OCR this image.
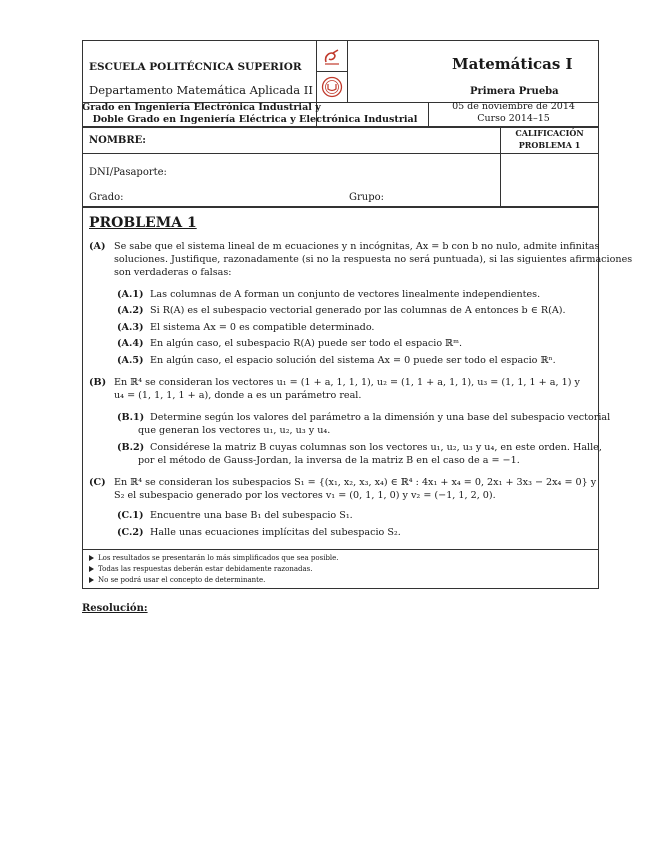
ESCUELA POLITÉCNICA SUPERIOR
Departamento Matemática Aplicada II
Matemáticas I
Primera Prueba
Grado en Ingeniería Electrónica Industrial y
Doble Grado en Ingeniería Eléctrica y Electrónica Industrial
05 de noviembre de 2014
Curso 2014–15
NOMBRE:
DNI/Pasaporte:
Grado:	Grupo:
CALIFICACIÓN
PROBLEMA 1
PROBLEMA 1
(A) Se sabe que el sistema lineal de m ecuaciones y n incógnitas, Ax = b con b no nulo, admite infinitas
soluciones. Justifique, razonadamente (si no la respuesta no será puntuada), si las siguientes afirmaciones
son verdaderas o falsas:
(A.1) Las columnas de A forman un conjunto de vectores linealmente independientes.
(A.2) Si R(A) es el subespacio vectorial generado por las columnas de A entonces b ∈ R(A).
(A.3) El sistema Ax = 0 es compatible determinado.
(A.4) En algún caso, el subespacio R(A) puede ser todo el espacio ℝᵐ.
(A.5) En algún caso, el espacio solución del sistema Ax = 0 puede ser todo el espacio ℝⁿ.
(B) En ℝ⁴ se consideran los vectores u₁ = (1 + a, 1, 1, 1), u₂ = (1, 1 + a, 1, 1), u₃ = (1, 1, 1 + a, 1) y
u₄ = (1, 1, 1, 1 + a), donde a es un parámetro real.
(B.1) Determine según los valores del parámetro a la dimensión y una base del subespacio vectorial
que generan los vectores u₁, u₂, u₃ y u₄.
(B.2) Considérese la matriz B cuyas columnas son los vectores u₁, u₂, u₃ y u₄, en este orden. Halle,
por el método de Gauss-Jordan, la inversa de la matriz B en el caso de a = −1.
(C) En ℝ⁴ se consideran los subespacios S₁ = {(x₁, x₂, x₃, x₄) ∈ ℝ⁴ : 4x₁ + x₄ = 0, 2x₁ + 3x₃ − 2x₄ = 0} y
S₂ el subespacio generado por los vectores v₁ = (0, 1, 1, 0) y v₂ = (−1, 1, 2, 0).
(C.1) Encuentre una base B₁ del subespacio S₁.
(C.2) Halle unas ecuaciones implícitas del subespacio S₂.
Los resultados se presentarán lo más simplificados que sea posible.
Todas las respuestas deberán estar debidamente razonadas.
No se podrá usar el concepto de determinante.
Resolución:
